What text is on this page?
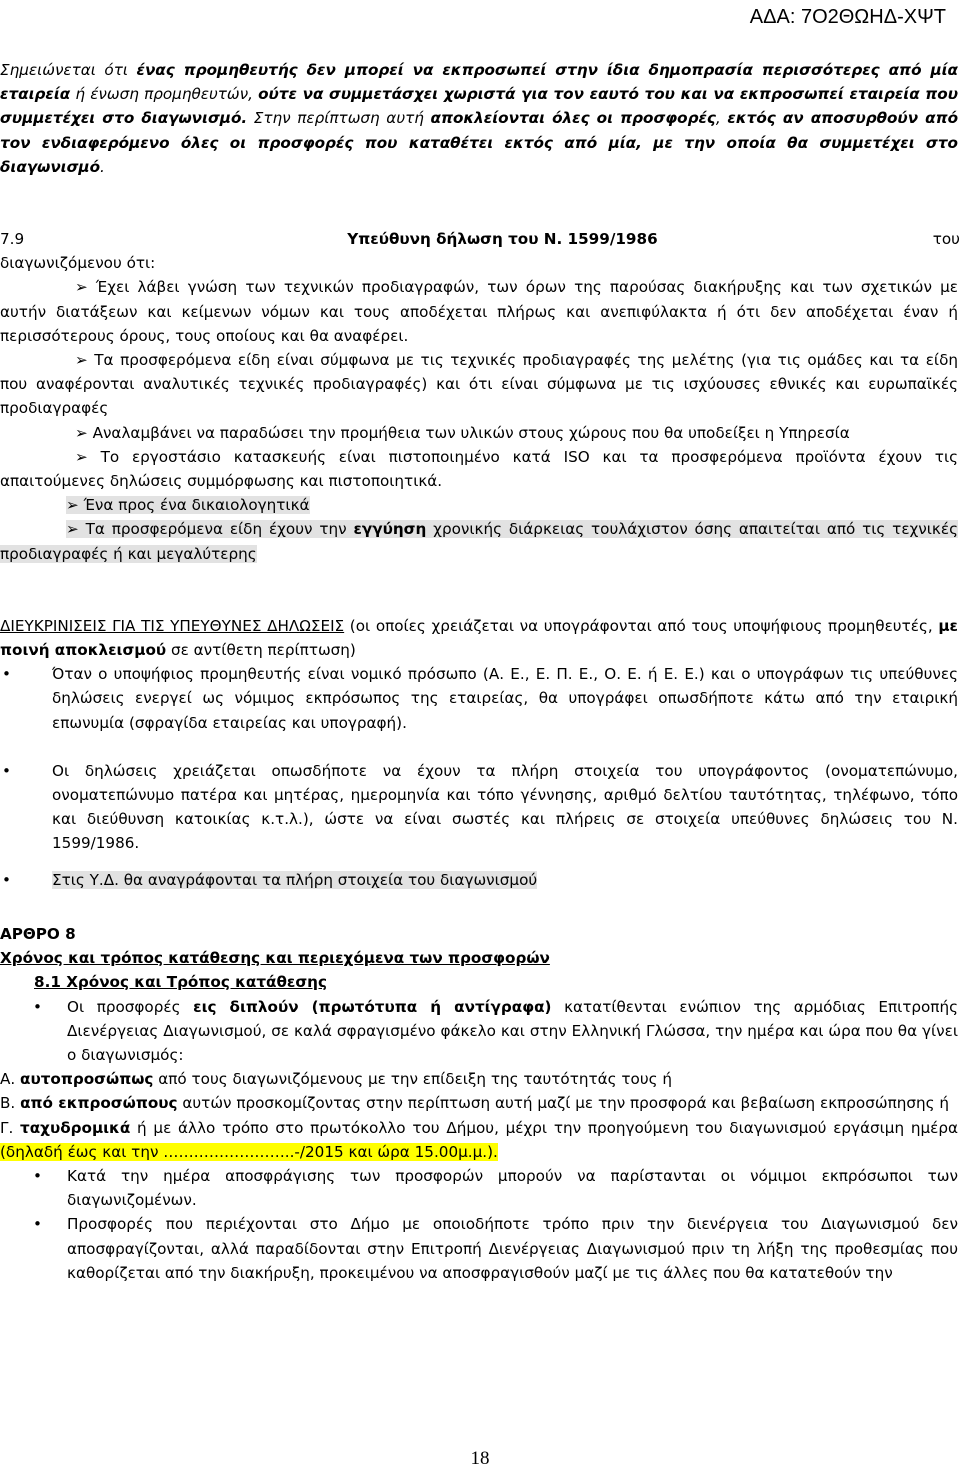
ΑΔΑ: 7Ο2ΘΩΗΔ-ΧΨΤ

Σημειώνεται ότι ένας προμηθευτής δεν μπορεί να εκπροσωπεί στην ίδια δημοπρασία περισσότερες από μία εταιρεία ή ένωση προμηθευτών, ούτε να συμμετάσχει χωριστά για τον εαυτό του και να εκπροσωπεί εταιρεία που συμμετέχει στο διαγωνισμό. Στην περίπτωση αυτή αποκλείονται όλες οι προσφορές, εκτός αν αποσυρθούν από τον ενδιαφερόμενο όλες οι προσφορές που καταθέτει εκτός από μία, με την οποία θα συμμετέχει στο διαγωνισμό.

7.9	Υπεύθυνη δήλωση του Ν. 1599/1986	του

διαγωνιζόμενου ότι:

➢ Έχει λάβει γνώση των τεχνικών προδιαγραφών, των όρων της παρούσας διακήρυξης και των σχετικών με αυτήν διατάξεων και κείμενων νόμων και τους αποδέχεται πλήρως και ανεπιφύλακτα ή ότι δεν αποδέχεται έναν ή περισσότερους όρους, τους οποίους και θα αναφέρει.

➢ Τα προσφερόμενα είδη είναι σύμφωνα με τις τεχνικές προδιαγραφές της μελέτης (για τις ομάδες και τα είδη που αναφέρονται αναλυτικές τεχνικές προδιαγραφές) και ότι είναι σύμφωνα με τις ισχύουσες εθνικές και ευρωπαϊκές προδιαγραφές

➢ Αναλαμβάνει να παραδώσει την προμήθεια των υλικών στους χώρους που θα υποδείξει η Υπηρεσία

➢ Το εργοστάσιο κατασκευής είναι πιστοποιημένο κατά ISO και τα προσφερόμενα προϊόντα έχουν τις απαιτούμενες δηλώσεις συμμόρφωσης και πιστοποιητικά.

➢ Ένα προς ένα δικαιολογητικά

➢ Τα προσφερόμενα είδη έχουν την εγγύηση χρονικής διάρκειας τουλάχιστον όσης απαιτείται από τις τεχνικές προδιαγραφές ή και μεγαλύτερης

ΔΙΕΥΚΡΙΝΙΣΕΙΣ ΓΙΑ ΤΙΣ ΥΠΕΥΘΥΝΕΣ ΔΗΛΩΣΕΙΣ (οι οποίες χρειάζεται να υπογράφονται από τους υποψήφιους προμηθευτές, με ποινή αποκλεισμού σε αντίθετη περίπτωση)

• Όταν ο υποψήφιος προμηθευτής είναι νομικό πρόσωπο (Α. Ε., Ε. Π. Ε., Ο. Ε. ή Ε. Ε.) και ο υπογράφων τις υπεύθυνες δηλώσεις ενεργεί ως νόμιμος εκπρόσωπος της εταιρείας, θα υπογράφει οπωσδήποτε κάτω από την εταιρική επωνυμία (σφραγίδα εταιρείας και υπογραφή).

• Οι δηλώσεις χρειάζεται οπωσδήποτε να έχουν τα πλήρη στοιχεία του υπογράφοντος (ονοματεπώνυμο, ονοματεπώνυμο πατέρα και μητέρας, ημερομηνία και τόπο γέννησης, αριθμό δελτίου ταυτότητας, τηλέφωνο, τόπο και διεύθυνση κατοικίας κ.τ.λ.), ώστε να είναι σωστές και πλήρεις σε στοιχεία υπεύθυνες δηλώσεις του Ν. 1599/1986.

• Στις Υ.Δ. θα αναγράφονται τα πλήρη στοιχεία του διαγωνισμού

ΑΡΘΡΟ 8

Χρόνος και τρόπος κατάθεσης και περιεχόμενα των προσφορών

8.1 Χρόνος και Τρόπος κατάθεσης

• Οι προσφορές εις διπλούν (πρωτότυπα ή αντίγραφα) κατατίθενται ενώπιον της αρμόδιας Επιτροπής Διενέργειας Διαγωνισμού, σε καλά σφραγισμένο φάκελο και στην Ελληνική Γλώσσα, την ημέρα και ώρα που θα γίνει ο διαγωνισμός:

Α. αυτοπροσώπως από τους διαγωνιζόμενους με την επίδειξη της ταυτότητάς τους ή

Β. από εκπροσώπους αυτών προσκομίζοντας στην περίπτωση αυτή μαζί με την προσφορά και βεβαίωση εκπροσώπησης ή

Γ. ταχυδρομικά ή με άλλο τρόπο στο πρωτόκολλο του Δήμου, μέχρι την προηγούμενη του διαγωνισμού εργάσιμη ημέρα (δηλαδή έως και την ……………………..-/2015 και ώρα 15.00μ.μ.).

• Κατά την ημέρα αποσφράγισης των προσφορών μπορούν να παρίστανται οι νόμιμοι εκπρόσωποι των διαγωνιζομένων.

• Προσφορές που περιέχονται στο Δήμο με οποιοδήποτε τρόπο πριν την διενέργεια του Διαγωνισμού δεν αποσφραγίζονται, αλλά παραδίδονται στην Επιτροπή Διενέργειας Διαγωνισμού πριν τη λήξη της προθεσμίας που καθορίζεται από την διακήρυξη, προκειμένου να αποσφραγισθούν μαζί με τις άλλες που θα κατατεθούν την

18
